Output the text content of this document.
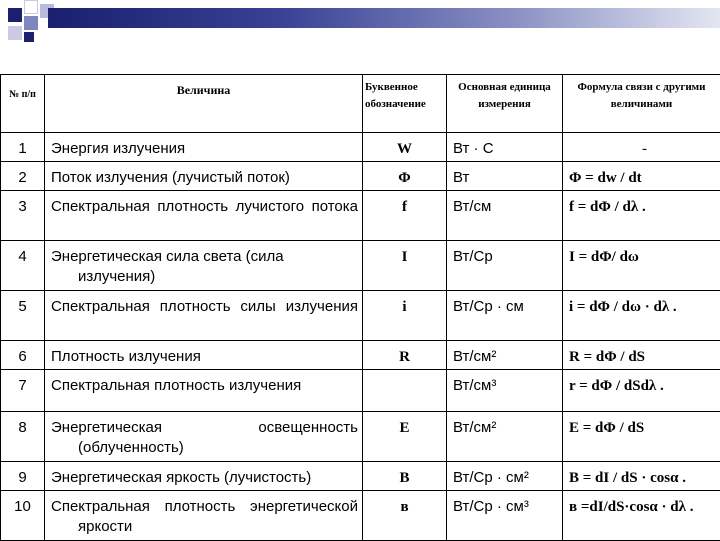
№ п/п	Величина	Буквенное обозначение	Основная единица измерения	Формула связи с другими величинами
1	Энергия излучения	W	Вт · С	-
2	Поток излучения (лучистый поток)	Φ	Вт	Φ = dw / dt
3	Спектральная плотность лучистого потока	f	Вт/см	f = dΦ / dλ .
4	Энергетическая сила света (сила излучения)	I	Вт/Ср	I = dΦ/ dω
5	Спектральная плотность силы излучения	i	Вт/Ср · см	i = dΦ / dω · dλ .
6	Плотность излучения	R	Вт/см²	R = dΦ / dS
7	Спектральная плотность излучения		Вт/см³	r = dΦ / dSdλ .
8	Энергетическая освещенность (облученность)	E	Вт/см²	E = dΦ / dS
9	Энергетическая яркость (лучистость)	B	Вт/Ср · см²	B = dI / dS · cosα .
10	Спектральная плотность энергетической яркости	в	Вт/Ср · см³	в =dI/dS·cosα · dλ .
